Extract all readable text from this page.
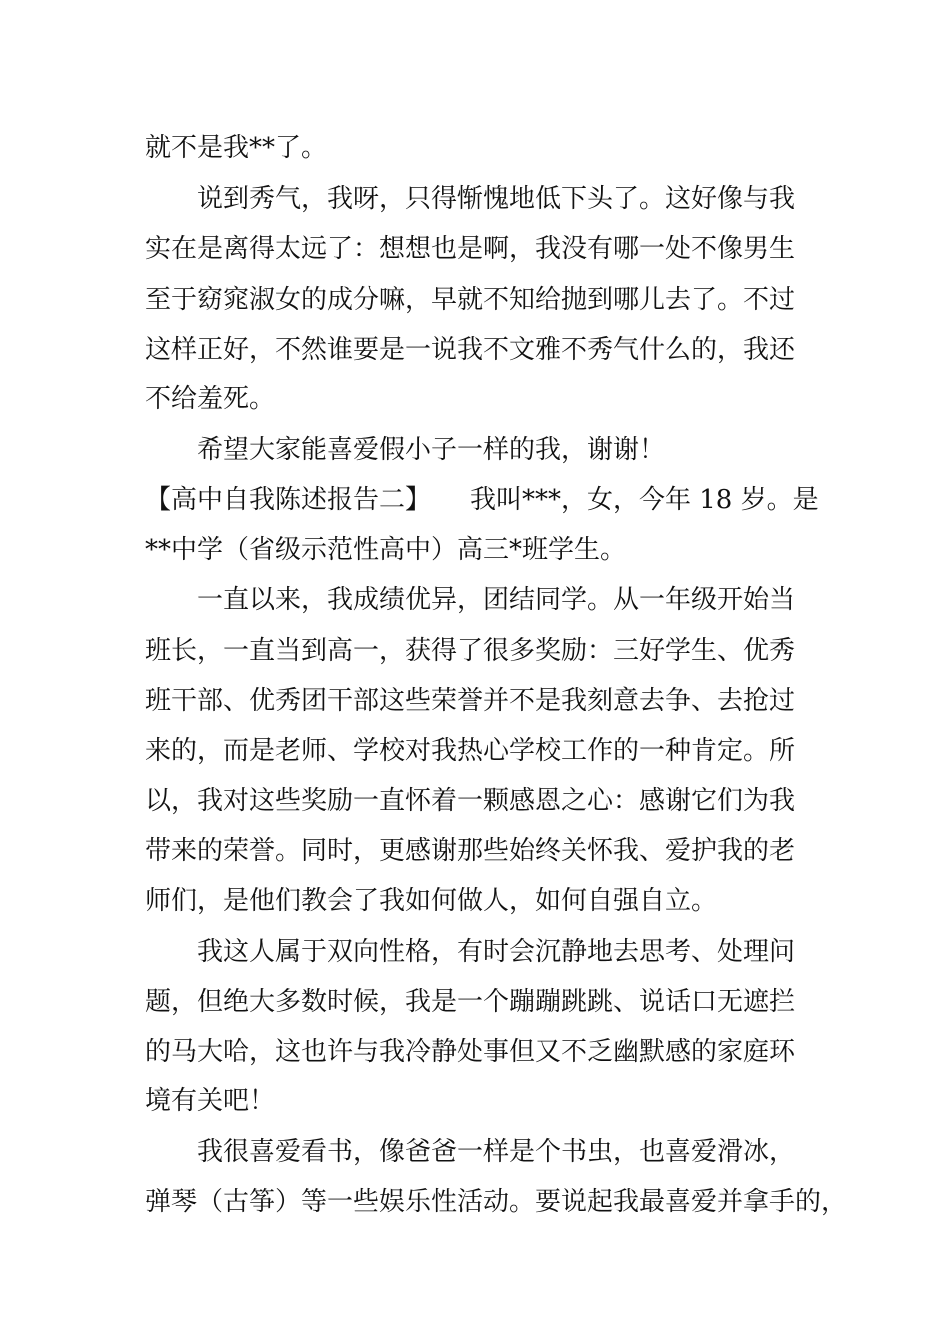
就不是我**了。
说到秀气，我呀，只得惭愧地低下头了。这好像与我
实在是离得太远了：想想也是啊，我没有哪一处不像男生
至于窈窕淑女的成分嘛，早就不知给抛到哪儿去了。不过
这样正好，不然谁要是一说我不文雅不秀气什么的，我还
不给羞死。
希望大家能喜爱假小子一样的我，谢谢！
【高中自我陈述报告二】　　我叫***，女，今年 18 岁。是
**中学（省级示范性高中）高三*班学生。
一直以来，我成绩优异，团结同学。从一年级开始当
班长，一直当到高一，获得了很多奖励：三好学生、优秀
班干部、优秀团干部这些荣誉并不是我刻意去争、去抢过
来的，而是老师、学校对我热心学校工作的一种肯定。所
以，我对这些奖励一直怀着一颗感恩之心：感谢它们为我
带来的荣誉。同时，更感谢那些始终关怀我、爱护我的老
师们，是他们教会了我如何做人，如何自强自立。
我这人属于双向性格，有时会沉静地去思考、处理问
题，但绝大多数时候，我是一个蹦蹦跳跳、说话口无遮拦
的马大哈，这也许与我冷静处事但又不乏幽默感的家庭环
境有关吧！
我很喜爱看书，像爸爸一样是个书虫，也喜爱滑冰，
弹琴（古筝）等一些娱乐性活动。要说起我最喜爱并拿手的，
